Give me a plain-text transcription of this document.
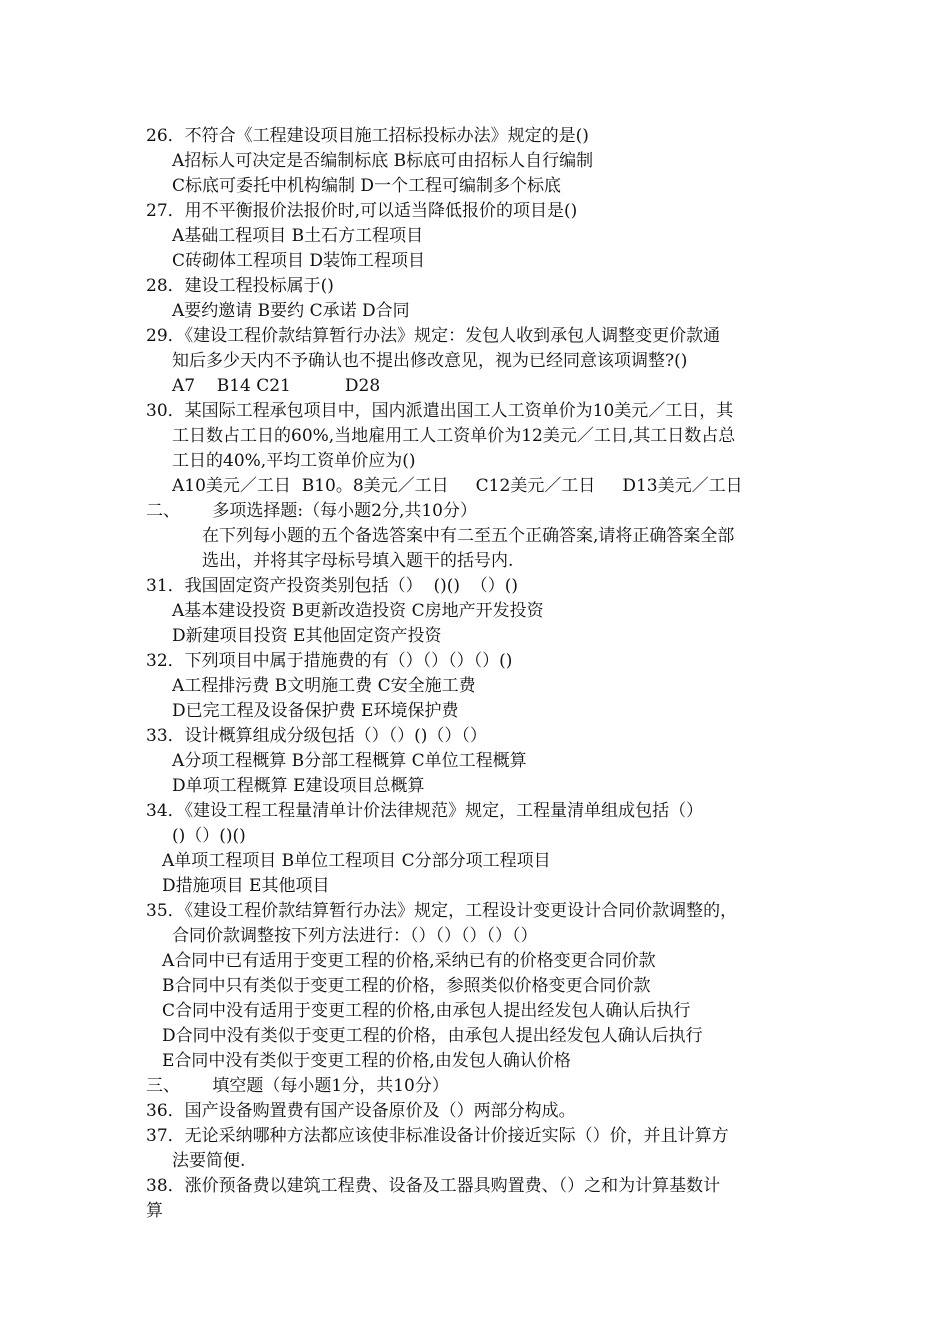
26．不符合《工程建设项目施工招标投标办法》规定的是()
A招标人可决定是否编制标底 B标底可由招标人自行编制
C标底可委托中机构编制 D一个工程可编制多个标底
27．用不平衡报价法报价时,可以适当降低报价的项目是()
A基础工程项目 B土石方工程项目
C砖砌体工程项目 D装饰工程项目
28．建设工程投标属于()
A要约邀请 B要约 C承诺 D合同
29．《建设工程价款结算暂行办法》规定：发包人收到承包人调整变更价款通
知后多少天内不予确认也不提出修改意见，视为已经同意该项调整?()
A7    B14 C21          D28
30．某国际工程承包项目中，国内派遣出国工人工资单价为10美元／工日，其
工日数占工日的60%,当地雇用工人工资单价为12美元／工日,其工日数占总
工日的40%,平均工资单价应为()
A10美元／工日  B10。8美元／工日     C12美元／工日     D13美元／工日
二、      多项选择题:（每小题2分,共10分）
在下列每小题的五个备选答案中有二至五个正确答案,请将正确答案全部
选出，并将其字母标号填入题干的括号内.
31．我国固定资产投资类别包括（）  ()()  （）()
A基本建设投资 B更新改造投资 C房地产开发投资
D新建项目投资 E其他固定资产投资
32．下列项目中属于措施费的有（）（）（）（）()
A工程排污费 B文明施工费 C安全施工费
D已完工程及设备保护费 E环境保护费
33．设计概算组成分级包括（）（）()（）（）
A分项工程概算 B分部工程概算 C单位工程概算
D单项工程概算 E建设项目总概算
34．《建设工程工程量清单计价法律规范》规定，工程量清单组成包括（）
()（）()()
A单项工程项目 B单位工程项目 C分部分项工程项目
D措施项目 E其他项目
35．《建设工程价款结算暂行办法》规定，工程设计变更设计合同价款调整的，
合同价款调整按下列方法进行：（）（）（）（）（）
A合同中已有适用于变更工程的价格,采纳已有的价格变更合同价款
B合同中只有类似于变更工程的价格，参照类似价格变更合同价款
C合同中没有适用于变更工程的价格,由承包人提出经发包人确认后执行
D合同中没有类似于变更工程的价格，由承包人提出经发包人确认后执行
E合同中没有类似于变更工程的价格,由发包人确认价格
三、      填空题（每小题1分，共10分）
36．国产设备购置费有国产设备原价及（）两部分构成。
37．无论采纳哪种方法都应该使非标准设备计价接近实际（）价，并且计算方
法要简便.
38．涨价预备费以建筑工程费、设备及工器具购置费、（）之和为计算基数计
算
